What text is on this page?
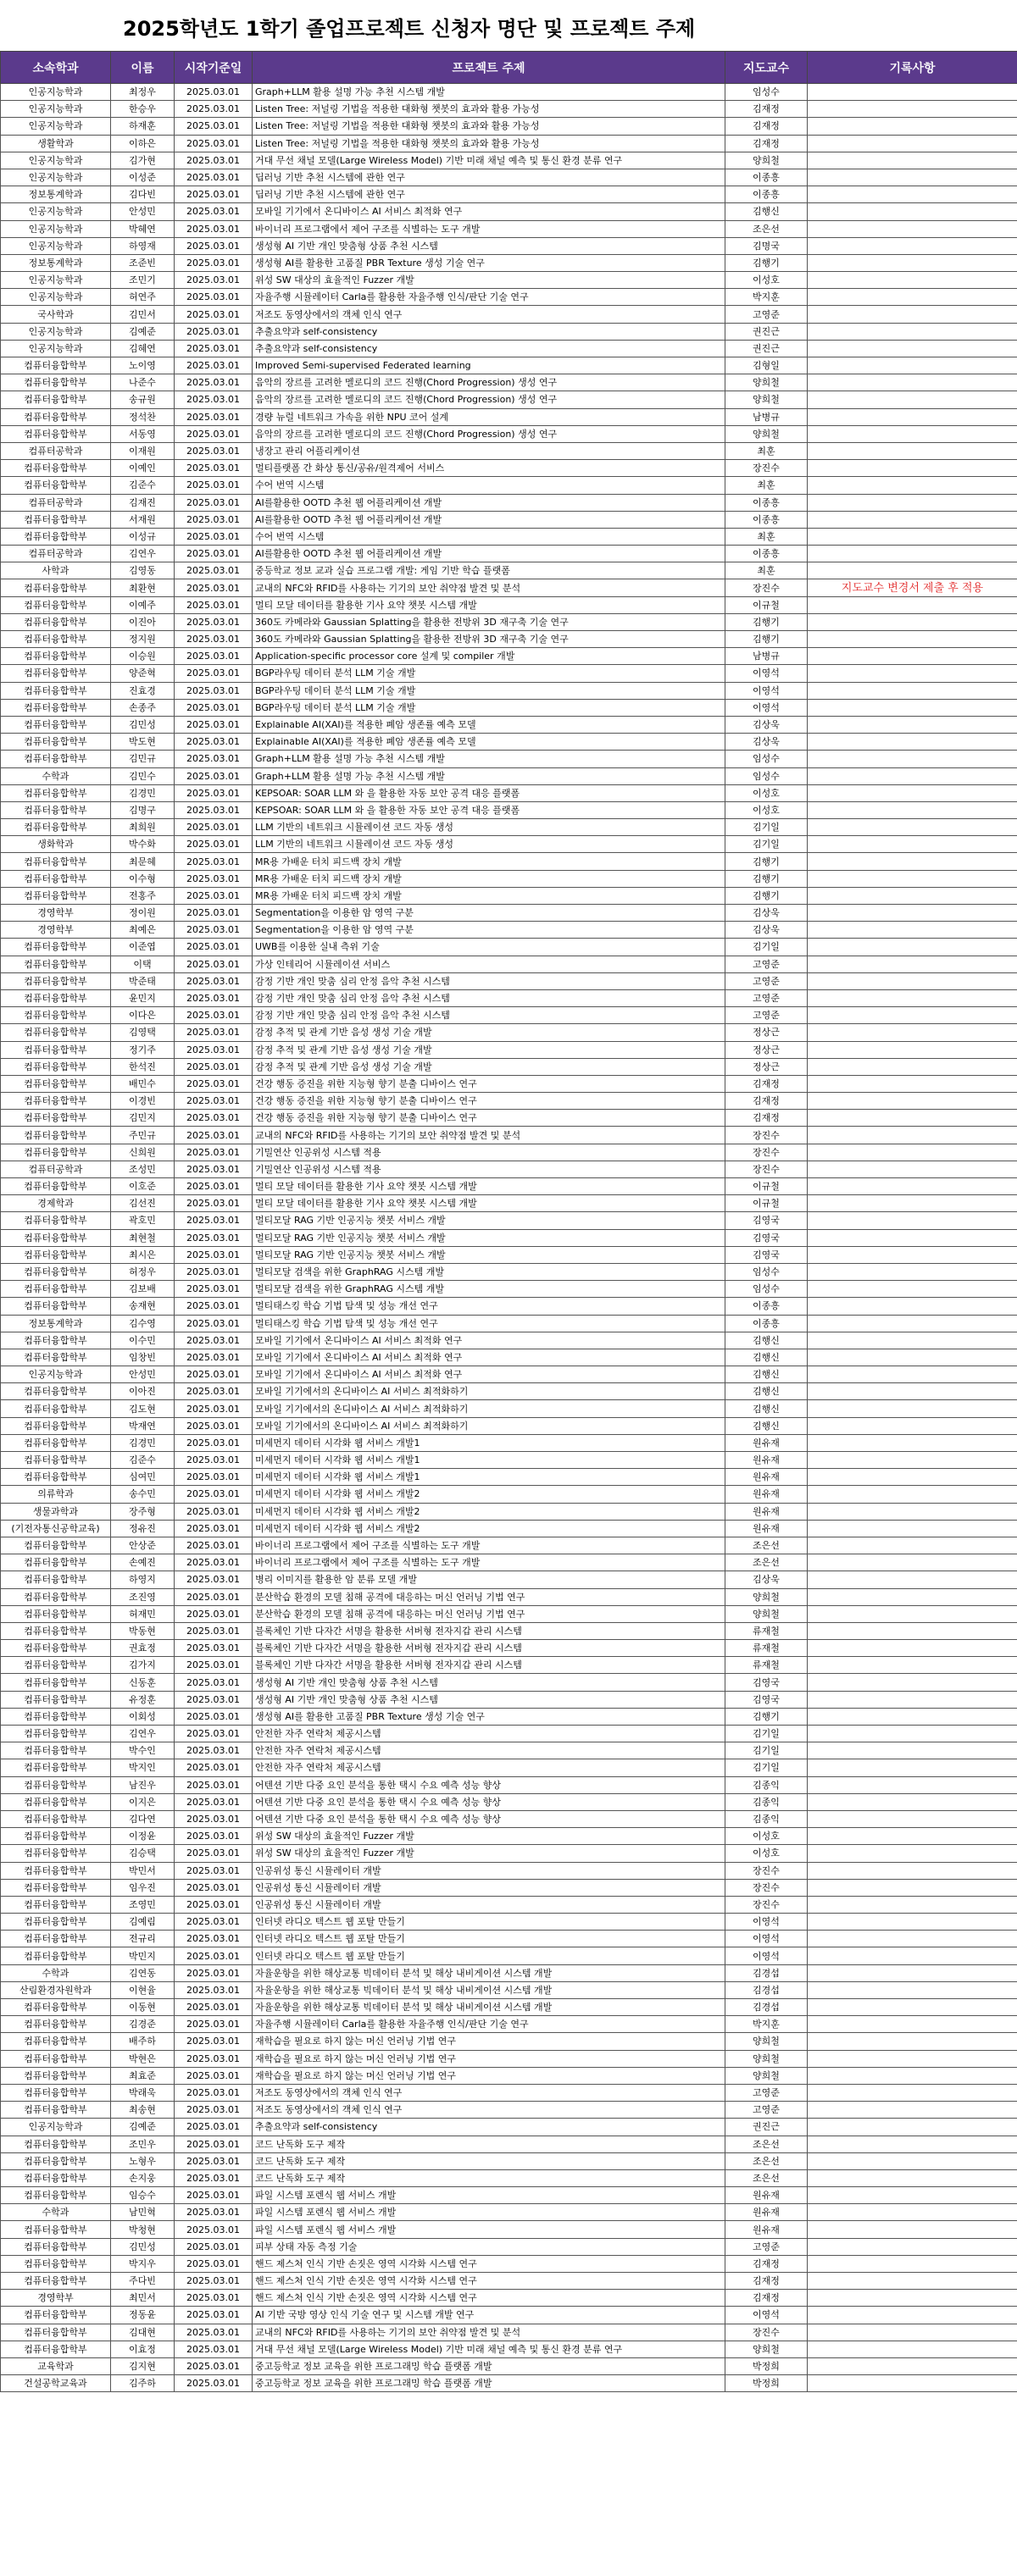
2025학년도 1학기 졸업프로젝트 신청자 명단 및 프로젝트 주제
소속학과	이름	시작기준일	프로젝트 주제	지도교수	기록사항
인공지능학과	최정우	2025.03.01	Graph+LLM 활용 설명 가능 추천 시스템 개발	임성수	
인공지능학과	한승우	2025.03.01	Listen Tree: 저널링 기법을 적용한 대화형 챗봇의 효과와 활용 가능성	김재정	
인공지능학과	하재훈	2025.03.01	Listen Tree: 저널링 기법을 적용한 대화형 챗봇의 효과와 활용 가능성	김재정	
생활학과	이하은	2025.03.01	Listen Tree: 저널링 기법을 적용한 대화형 챗봇의 효과와 활용 가능성	김재정	
인공지능학과	김가현	2025.03.01	거대 무선 채널 모델(Large Wireless Model) 기반 미래 채널 예측 및 통신 환경 분류 연구	양희철	
인공지능학과	이성준	2025.03.01	딥러닝 기반 추천 시스템에 관한 연구	이종흥	
정보통계학과	김다빈	2025.03.01	딥러닝 기반 추천 시스템에 관한 연구	이종흥	
인공지능학과	안성민	2025.03.01	모바일 기기에서 온디바이스 AI 서비스 최적화 연구	김행신	
인공지능학과	박혜연	2025.03.01	바이너리 프로그램에서 제어 구조를 식별하는 도구 개발	조은선	
인공지능학과	하영재	2025.03.01	생성형 AI 기반 개인 맞춤형 상품 추천 시스템	김명국	
정보통계학과	조준빈	2025.03.01	생성형 AI를 활용한 고품질 PBR Texture 생성 기술 연구	김행기	
인공지능학과	조민기	2025.03.01	위성 SW 대상의 효율적인 Fuzzer 개발	이성호	
인공지능학과	허연주	2025.03.01	자율주행 시뮬레이터 Carla를 활용한 자율주행 인식/판단 기술 연구	박지훈	
국사학과	김민서	2025.03.01	저조도 동영상에서의 객체 인식 연구	고영준	
인공지능학과	김예준	2025.03.01	추출요약과 self-consistency	권진근	
인공지능학과	김혜연	2025.03.01	추출요약과 self-consistency	권진근	
컴퓨터융합학부	노이영	2025.03.01	Improved Semi-supervised Federated learning	김형일	
컴퓨터융합학부	나준수	2025.03.01	음악의 장르를 고려한 멜로디의 코드 진행(Chord Progression) 생성 연구	양희철	
컴퓨터융합학부	송규원	2025.03.01	음악의 장르를 고려한 멜로디의 코드 진행(Chord Progression) 생성 연구	양희철	
컴퓨터융합학부	정석찬	2025.03.01	경량 뉴럴 네트워크 가속을 위한 NPU 코어 설계	남병규	
컴퓨터융합학부	서동영	2025.03.01	음악의 장르를 고려한 멜로디의 코드 진행(Chord Progression) 생성 연구	양희철	
컴퓨터공학과	이재원	2025.03.01	냉장고 관리 어플리케이션	최훈	
컴퓨터융합학부	이예인	2025.03.01	멀티플랫폼 간 화상 통신/공유/원격제어 서비스	장진수	
컴퓨터융합학부	김준수	2025.03.01	수어 번역 시스템	최훈	
컴퓨터공학과	김재진	2025.03.01	AI를활용한 OOTD 추천 웹 어플리케이션 개발	이종흥	
컴퓨터융합학부	서재원	2025.03.01	AI를활용한 OOTD 추천 웹 어플리케이션 개발	이종흥	
컴퓨터융합학부	이성규	2025.03.01	수어 번역 시스템	최훈	
컴퓨터공학과	김연우	2025.03.01	AI를활용한 OOTD 추천 웹 어플리케이션 개발	이종흥	
사학과	김영동	2025.03.01	중등학교 정보 교과 실습 프로그램 개발: 게임 기반 학습 플랫폼	최훈	
컴퓨터융합학부	최환현	2025.03.01	교내의 NFC와 RFID를 사용하는 기기의 보안 취약점 발견 및 분석	장진수	지도교수 변경서 제출 후 적용
컴퓨터융합학부	이예주	2025.03.01	멀티 모달 데이터를 활용한 기사 요약 챗봇 시스템 개발	이규철	
컴퓨터융합학부	이진아	2025.03.01	360도 카메라와 Gaussian Splatting을 활용한 전방위 3D 재구축 기술 연구	김행기	
컴퓨터융합학부	정지원	2025.03.01	360도 카메라와 Gaussian Splatting을 활용한 전방위 3D 재구축 기술 연구	김행기	
컴퓨터융합학부	이승원	2025.03.01	Application-specific processor core 설계 및 compiler 개발	남병규	
컴퓨터융합학부	양준혁	2025.03.01	BGP라우팅 데이터 분석 LLM 기술 개발	이영석	
컴퓨터융합학부	진효경	2025.03.01	BGP라우팅 데이터 분석 LLM 기술 개발	이영석	
컴퓨터융합학부	손종주	2025.03.01	BGP라우팅 데이터 분석 LLM 기술 개발	이영석	
컴퓨터융합학부	김민성	2025.03.01	Explainable AI(XAI)를 적용한 폐암 생존률 예측 모델	김상욱	
컴퓨터융합학부	박도현	2025.03.01	Explainable AI(XAI)를 적용한 폐암 생존률 예측 모델	김상욱	
컴퓨터융합학부	김민규	2025.03.01	Graph+LLM 활용 설명 가능 추천 시스템 개발	임성수	
수학과	김민수	2025.03.01	Graph+LLM 활용 설명 가능 추천 시스템 개발	임성수	
컴퓨터융합학부	김경민	2025.03.01	KEPSOAR: SOAR LLM 와 을 활용한 자동 보안 공격 대응 플랫폼	이성호	
컴퓨터융합학부	김명구	2025.03.01	KEPSOAR: SOAR LLM 와 을 활용한 자동 보안 공격 대응 플랫폼	이성호	
컴퓨터융합학부	최희원	2025.03.01	LLM 기반의 네트워크 시뮬레이션 코드 자동 생성	김기일	
생화학과	박수화	2025.03.01	LLM 기반의 네트워크 시뮬레이션 코드 자동 생성	김기일	
컴퓨터융합학부	최문혜	2025.03.01	MR용 가배운 터치 피드백 장치 개발	김행기	
컴퓨터융합학부	이수형	2025.03.01	MR용 가배운 터치 피드백 장치 개발	김행기	
컴퓨터융합학부	전홍주	2025.03.01	MR용 가배운 터치 피드백 장치 개발	김행기	
경영학부	정이원	2025.03.01	Segmentation을 이용한 암 영역 구분	김상욱	
경영학부	최예은	2025.03.01	Segmentation을 이용한 암 영역 구분	김상욱	
컴퓨터융합학부	이준엽	2025.03.01	UWB를 이용한 실내 측위 기술	김기일	
컴퓨터융합학부	이택	2025.03.01	가상 인테리어 시뮬레이션 서비스	고영준	
컴퓨터융합학부	박준태	2025.03.01	감정 기반 개인 맞춤 심리 안정 음악 추천 시스템	고영준	
컴퓨터융합학부	윤민지	2025.03.01	감정 기반 개인 맞춤 심리 안정 음악 추천 시스템	고영준	
컴퓨터융합학부	이다은	2025.03.01	감정 기반 개인 맞춤 심리 안정 음악 추천 시스템	고영준	
컴퓨터융합학부	김영택	2025.03.01	감정 추적 및 관계 기반 음성 생성 기술 개발	정상근	
컴퓨터융합학부	정기주	2025.03.01	감정 추적 및 관계 기반 음성 생성 기술 개발	정상근	
컴퓨터융합학부	한석진	2025.03.01	감정 추적 및 관계 기반 음성 생성 기술 개발	정상근	
컴퓨터융합학부	배민수	2025.03.01	건강 행동 증진을 위한 지능형 향기 분출 디바이스 연구	김재정	
컴퓨터융합학부	이경빈	2025.03.01	건강 행동 증진을 위한 지능형 향기 분출 디바이스 연구	김재정	
컴퓨터융합학부	김민지	2025.03.01	건강 행동 증진을 위한 지능형 향기 분출 디바이스 연구	김재정	
컴퓨터융합학부	주민규	2025.03.01	교내의 NFC와 RFID를 사용하는 기기의 보안 취약점 발견 및 분석	장진수	
컴퓨터융합학부	신희원	2025.03.01	기밀연산 인공위성 시스템 적용	장진수	
컴퓨터공학과	조성민	2025.03.01	기밀연산 인공위성 시스템 적용	장진수	
컴퓨터융합학부	이호준	2025.03.01	멀티 모달 데이터를 활용한 기사 요약 챗봇 시스템 개발	이규철	
경제학과	김선진	2025.03.01	멀티 모달 데이터를 활용한 기사 요약 챗봇 시스템 개발	이규철	
컴퓨터융합학부	곽호민	2025.03.01	멀티모달 RAG 기반 인공지능 챗봇 서비스 개발	김영국	
컴퓨터융합학부	최현철	2025.03.01	멀티모달 RAG 기반 인공지능 챗봇 서비스 개발	김영국	
컴퓨터융합학부	최시은	2025.03.01	멀티모달 RAG 기반 인공지능 챗봇 서비스 개발	김영국	
컴퓨터융합학부	허정우	2025.03.01	멀티모달 검색을 위한 GraphRAG 시스템 개발	임성수	
컴퓨터융합학부	김보배	2025.03.01	멀티모달 검색을 위한 GraphRAG 시스템 개발	임성수	
컴퓨터융합학부	송재현	2025.03.01	멀티태스킹 학습 기법 탐색 및 성능 개선 연구	이종흥	
정보통계학과	김수영	2025.03.01	멀티태스킹 학습 기법 탐색 및 성능 개선 연구	이종흥	
컴퓨터융합학부	이수민	2025.03.01	모바일 기기에서 온디바이스 AI 서비스 최적화 연구	김행신	
컴퓨터융합학부	임창빈	2025.03.01	모바일 기기에서 온디바이스 AI 서비스 최적화 연구	김행신	
인공지능학과	안성민	2025.03.01	모바일 기기에서 온디바이스 AI 서비스 최적화 연구	김행신	
컴퓨터융합학부	이아진	2025.03.01	모바일 기기에서의 온디바이스 AI 서비스 최적화하기	김행신	
컴퓨터융합학부	김도현	2025.03.01	모바일 기기에서의 온디바이스 AI 서비스 최적화하기	김행신	
컴퓨터융합학부	박재연	2025.03.01	모바일 기기에서의 온디바이스 AI 서비스 최적화하기	김행신	
컴퓨터융합학부	김경민	2025.03.01	미세먼지 데이터 시각화 웹 서비스 개발1	원유재	
컴퓨터융합학부	김준수	2025.03.01	미세먼지 데이터 시각화 웹 서비스 개발1	원유재	
컴퓨터융합학부	심여민	2025.03.01	미세먼지 데이터 시각화 웹 서비스 개발1	원유재	
의류학과	송수민	2025.03.01	미세먼지 데이터 시각화 웹 서비스 개발2	원유재	
생물과학과	장주형	2025.03.01	미세먼지 데이터 시각화 웹 서비스 개발2	원유재	
(기전자통신공학교육)	정유진	2025.03.01	미세먼지 데이터 시각화 웹 서비스 개발2	원유재	
컴퓨터융합학부	안상준	2025.03.01	바이너리 프로그램에서 제어 구조를 식별하는 도구 개발	조은선	
컴퓨터융합학부	손예진	2025.03.01	바이너리 프로그램에서 제어 구조를 식별하는 도구 개발	조은선	
컴퓨터융합학부	하영지	2025.03.01	병리 이미지를 활용한 암 분류 모델 개발	김상욱	
컴퓨터융합학부	조진영	2025.03.01	분산학습 환경의 모델 침해 공격에 대응하는 머신 언러닝 기법 연구	양희철	
컴퓨터융합학부	허재민	2025.03.01	분산학습 환경의 모델 침해 공격에 대응하는 머신 언러닝 기법 연구	양희철	
컴퓨터융합학부	박동현	2025.03.01	블록체인 기반 다자간 서명을 활용한 서버형 전자지갑 관리 시스템	류재철	
컴퓨터융합학부	권효정	2025.03.01	블록체인 기반 다자간 서명을 활용한 서버형 전자지갑 관리 시스템	류재철	
컴퓨터융합학부	김가지	2025.03.01	블록체인 기반 다자간 서명을 활용한 서버형 전자지갑 관리 시스템	류재철	
컴퓨터융합학부	신동훈	2025.03.01	생성형 AI 기반 개인 맞춤형 상품 추천 시스템	김영국	
컴퓨터융합학부	유정훈	2025.03.01	생성형 AI 기반 개인 맞춤형 상품 추천 시스템	김영국	
컴퓨터융합학부	이회성	2025.03.01	생성형 AI를 활용한 고품질 PBR Texture 생성 기술 연구	김행기	
컴퓨터융합학부	김연우	2025.03.01	안전한 자주 연락처 제공시스템	김기일	
컴퓨터융합학부	박수인	2025.03.01	안전한 자주 연락처 제공시스템	김기일	
컴퓨터융합학부	박지인	2025.03.01	안전한 자주 연락처 제공시스템	김기일	
컴퓨터융합학부	남진우	2025.03.01	어텐션 기반 다중 요인 분석을 통한 택시 수요 예측 성능 향상	김종익	
컴퓨터융합학부	이지은	2025.03.01	어텐션 기반 다중 요인 분석을 통한 택시 수요 예측 성능 향상	김종익	
컴퓨터융합학부	김다연	2025.03.01	어텐션 기반 다중 요인 분석을 통한 택시 수요 예측 성능 향상	김종익	
컴퓨터융합학부	이정윤	2025.03.01	위성 SW 대상의 효율적인 Fuzzer 개발	이성호	
컴퓨터융합학부	김승택	2025.03.01	위성 SW 대상의 효율적인 Fuzzer 개발	이성호	
컴퓨터융합학부	박민서	2025.03.01	인공위성 통신 시뮬레이터 개발	장진수	
컴퓨터융합학부	임우진	2025.03.01	인공위성 통신 시뮬레이터 개발	장진수	
컴퓨터융합학부	조영민	2025.03.01	인공위성 통신 시뮬레이터 개발	장진수	
컴퓨터융합학부	김예림	2025.03.01	인터넷 라디오 텍스트 웹 포탈 만들기	이영석	
컴퓨터융합학부	전규리	2025.03.01	인터넷 라디오 텍스트 웹 포탈 만들기	이영석	
컴퓨터융합학부	박민지	2025.03.01	인터넷 라디오 텍스트 웹 포탈 만들기	이영석	
수학과	김연동	2025.03.01	자율운항을 위한 해상교통 빅데이터 분석 및 해상 내비게이션 시스템 개발	김경섭	
산림환경자원학과	이현율	2025.03.01	자율운항을 위한 해상교통 빅데이터 분석 및 해상 내비게이션 시스템 개발	김경섭	
컴퓨터융합학부	이동현	2025.03.01	자율운항을 위한 해상교통 빅데이터 분석 및 해상 내비게이션 시스템 개발	김경섭	
컴퓨터융합학부	김경준	2025.03.01	자율주행 시뮬레이터 Carla를 활용한 자율주행 인식/판단 기술 연구	박지훈	
컴퓨터융합학부	배주하	2025.03.01	재학습을 필요로 하지 않는 머신 언러닝 기법 연구	양희철	
컴퓨터융합학부	박현은	2025.03.01	재학습을 필요로 하지 않는 머신 언러닝 기법 연구	양희철	
컴퓨터융합학부	최효준	2025.03.01	재학습을 필요로 하지 않는 머신 언러닝 기법 연구	양희철	
컴퓨터융합학부	박래욱	2025.03.01	저조도 동영상에서의 객체 인식 연구	고영준	
컴퓨터융합학부	최송현	2025.03.01	저조도 동영상에서의 객체 인식 연구	고영준	
인공지능학과	김예준	2025.03.01	추출요약과 self-consistency	권진근	
컴퓨터융합학부	조민우	2025.03.01	코드 난독화 도구 제작	조은선	
컴퓨터융합학부	노형우	2025.03.01	코드 난독화 도구 제작	조은선	
컴퓨터융합학부	손지웅	2025.03.01	코드 난독화 도구 제작	조은선	
컴퓨터융합학부	임승수	2025.03.01	파일 시스템 포렌식 웹 서비스 개발	원유재	
수학과	남민혁	2025.03.01	파일 시스템 포렌식 웹 서비스 개발	원유재	
컴퓨터융합학부	박청현	2025.03.01	파일 시스템 포렌식 웹 서비스 개발	원유재	
컴퓨터융합학부	김민성	2025.03.01	피부 상태 자동 측정 기술	고영준	
컴퓨터융합학부	박지우	2025.03.01	핸드 제스처 인식 기반 손짓은 영역 시각화 시스템 연구	김재정	
컴퓨터융합학부	주다빈	2025.03.01	핸드 제스처 인식 기반 손짓은 영역 시각화 시스템 연구	김재정	
경영학부	최민서	2025.03.01	핸드 제스처 인식 기반 손짓은 영역 시각화 시스템 연구	김재정	
컴퓨터융합학부	정동윤	2025.03.01	AI 기반 국방 영상 인식 기술 연구 및 시스템 개발 연구	이영석	
컴퓨터융합학부	김대현	2025.03.01	교내의 NFC와 RFID를 사용하는 기기의 보안 취약점 발견 및 분석	장진수	
컴퓨터융합학부	이효정	2025.03.01	거대 무선 채널 모델(Large Wireless Model) 기반 미래 채널 예측 및 통신 환경 분류 연구	양희철	
교육학과	김지현	2025.03.01	중고등학교 정보 교육을 위한 프로그래밍 학습 플랫폼 개발	박정희	
건설공학교육과	김주하	2025.03.01	중고등학교 정보 교육을 위한 프로그래밍 학습 플랫폼 개발	박정희	
